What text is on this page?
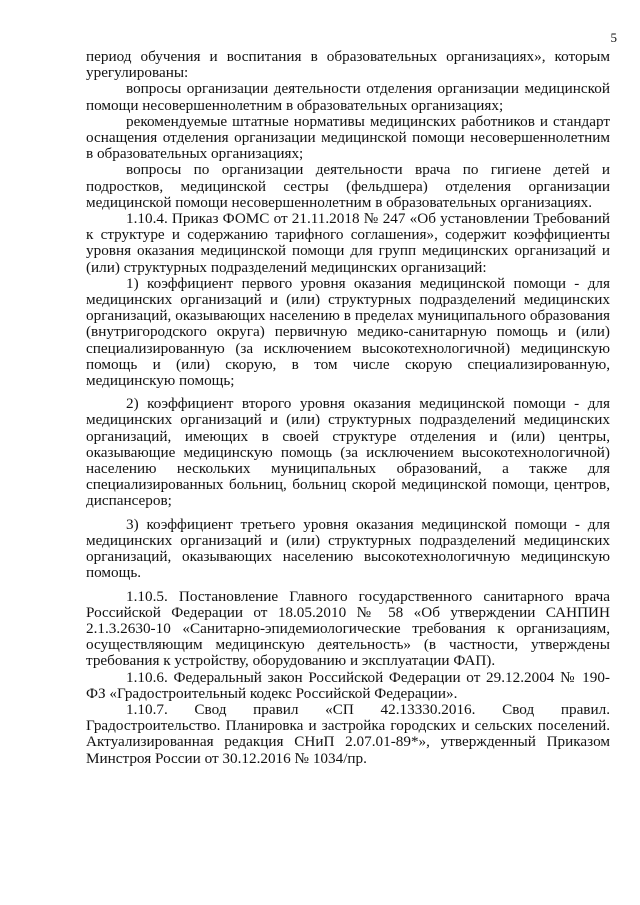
5

период обучения и воспитания в образовательных организациях», которым урегулированы:

вопросы организации деятельности отделения организации медицинской помощи несовершеннолетним в образовательных организациях;

рекомендуемые штатные нормативы медицинских работников и стандарт оснащения отделения организации медицинской помощи несовершеннолетним в образовательных организациях;

вопросы по организации деятельности врача по гигиене детей и подростков, медицинской сестры (фельдшера) отделения организации медицинской помощи несовершеннолетним в образовательных организациях.

1.10.4. Приказ ФОМС от 21.11.2018 № 247 «Об установлении Требований к структуре и содержанию тарифного соглашения», содержит коэффициенты уровня оказания медицинской помощи для групп медицинских организаций и (или) структурных подразделений медицинских организаций:

1) коэффициент первого уровня оказания медицинской помощи - для медицинских организаций и (или) структурных подразделений медицинских организаций, оказывающих населению в пределах муниципального образования (внутригородского округа) первичную медико-санитарную помощь и (или) специализированную (за исключением высокотехнологичной) медицинскую помощь и (или) скорую, в том числе скорую специализированную, медицинскую помощь;

2) коэффициент второго уровня оказания медицинской помощи - для медицинских организаций и (или) структурных подразделений медицинских организаций, имеющих в своей структуре отделения и (или) центры, оказывающие медицинскую помощь (за исключением высокотехнологичной) населению нескольких муниципальных образований, а также для специализированных больниц, больниц скорой медицинской помощи, центров, диспансеров;

3) коэффициент третьего уровня оказания медицинской помощи - для медицинских организаций и (или) структурных подразделений медицинских организаций, оказывающих населению высокотехнологичную медицинскую помощь.

1.10.5. Постановление Главного государственного санитарного врача Российской Федерации от 18.05.2010 № 58 «Об утверждении САНПИН 2.1.3.2630-10 «Санитарно-эпидемиологические требования к организациям, осуществляющим медицинскую деятельность» (в частности, утверждены требования к устройству, оборудованию и эксплуатации ФАП).

1.10.6. Федеральный закон Российской Федерации от 29.12.2004 № 190-ФЗ «Градостроительный кодекс Российской Федерации».

1.10.7. Свод правил «СП 42.13330.2016. Свод правил. Градостроительство. Планировка и застройка городских и сельских поселений. Актуализированная редакция СНиП 2.07.01-89*», утвержденный Приказом Минстроя России от 30.12.2016 № 1034/пр.
